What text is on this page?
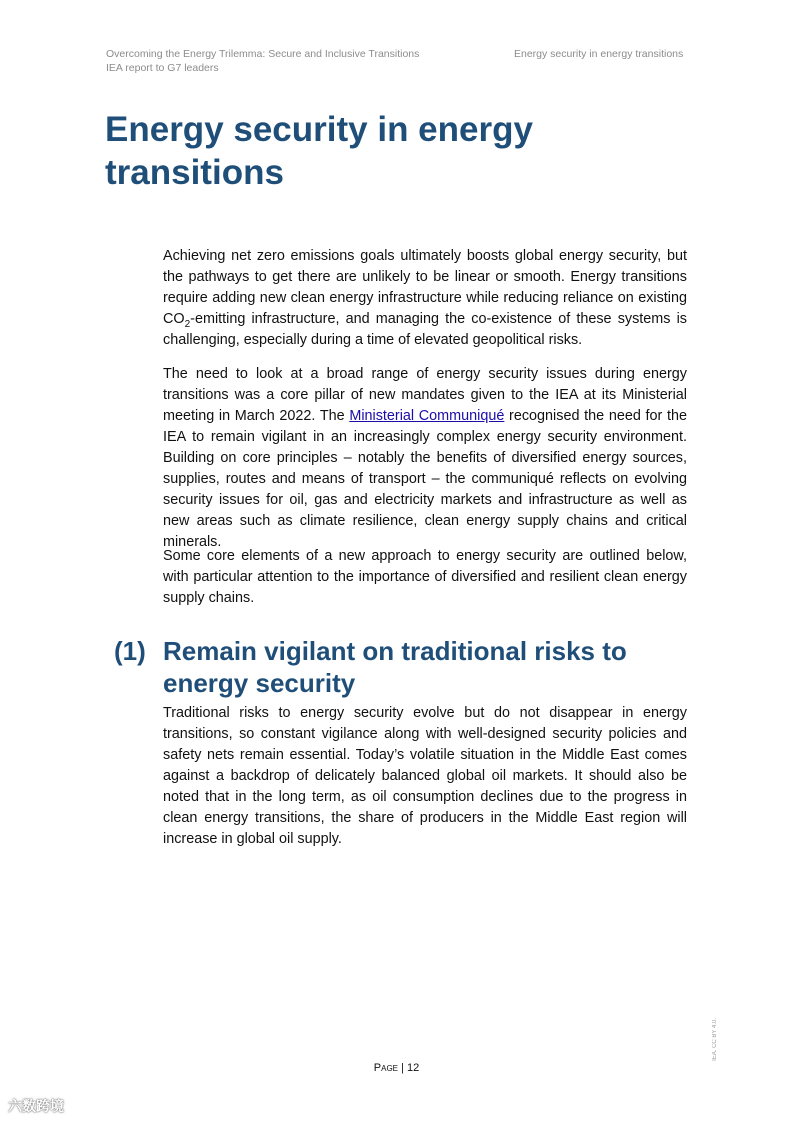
Overcoming the Energy Trilemma: Secure and Inclusive Transitions
IEA report to G7 leaders
Energy security in energy transitions
Energy security in energy transitions

Achieving net zero emissions goals ultimately boosts global energy security, but the pathways to get there are unlikely to be linear or smooth. Energy transitions require adding new clean energy infrastructure while reducing reliance on existing $CO_2$-emitting infrastructure, and managing the co-existence of these systems is challenging, especially during a time of elevated geopolitical risks.

The need to look at a broad range of energy security issues during energy transitions was a core pillar of new mandates given to the IEA at its Ministerial meeting in March 2022. The Ministerial Communiqué recognised the need for the IEA to remain vigilant in an increasingly complex energy security environment. Building on core principles – notably the benefits of diversified energy sources, supplies, routes and means of transport – the communiqué reflects on evolving security issues for oil, gas and electricity markets and infrastructure as well as new areas such as climate resilience, clean energy supply chains and critical minerals.

Some core elements of a new approach to energy security are outlined below, with particular attention to the importance of diversified and resilient clean energy supply chains.

(1) Remain vigilant on traditional risks to energy security

Traditional risks to energy security evolve but do not disappear in energy transitions, so constant vigilance along with well-designed security policies and safety nets remain essential. Today’s volatile situation in the Middle East comes against a backdrop of delicately balanced global oil markets. It should also be noted that in the long term, as oil consumption declines due to the progress in clean energy transitions, the share of producers in the Middle East region will increase in global oil supply.

IEA. CC BY 4.0.
Page | 12
六数跨境
